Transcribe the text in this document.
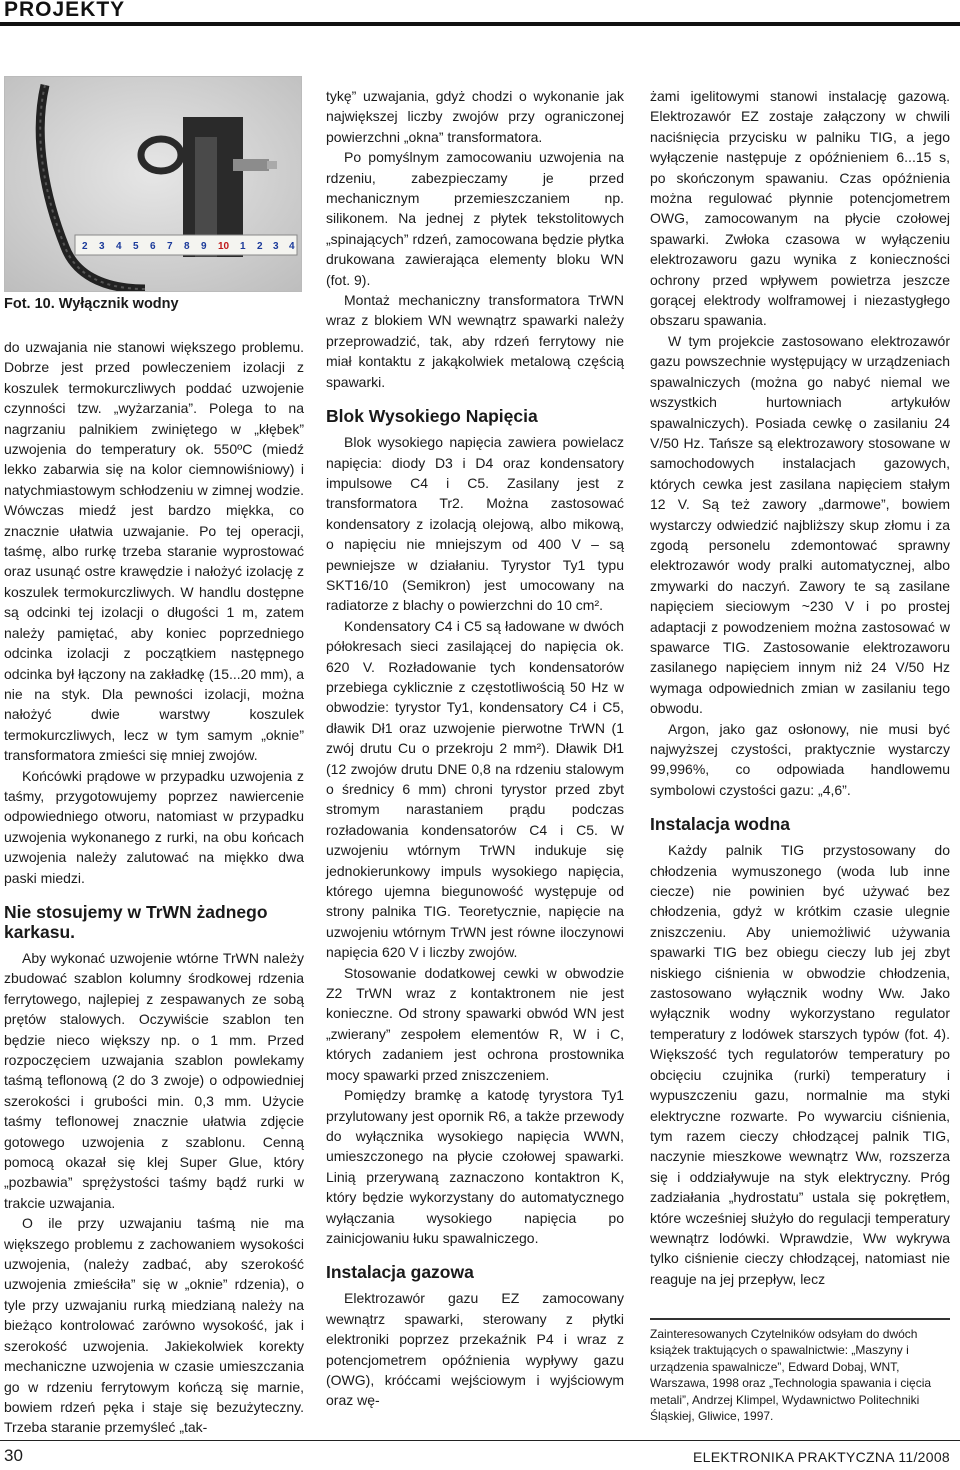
PROJEKTY
2 3 4 5 6 7 8 9 10 1 2 3 4
Fot. 10. Wyłącznik wodny

do uzwajania nie stanowi większego problemu. Dobrze jest przed powleczeniem izolacji z koszulek termokurczliwych poddać uzwojenie czynności tzw. „wyżarzania”. Polega to na nagrzaniu palnikiem zwiniętego w „kłębek” uzwojenia do temperatury ok. 550ºC (miedź lekko zabarwia się na kolor ciemnowiśniowy) i natychmiastowym schłodzeniu w zimnej wodzie. Wówczas miedź jest bardzo miękka, co znacznie ułatwia uzwajanie. Po tej operacji, taśmę, albo rurkę trzeba staranie wyprostować oraz usunąć ostre krawędzie i nałożyć izolację z koszulek termokurczliwych. W handlu dostępne są odcinki tej izolacji o długości 1 m, zatem należy pamiętać, aby koniec poprzedniego odcinka izolacji z początkiem następnego odcinka był łączony na zakładkę (15...20 mm), a nie na styk. Dla pewności izolacji, można nałożyć dwie warstwy koszulek termokurczliwych, lecz w tym samym „oknie” transformatora zmieści się mniej zwojów.

Końcówki prądowe w przypadku uzwojenia z taśmy, przygotowujemy poprzez nawiercenie odpowiedniego otworu, natomiast w przypadku uzwojenia wykonanego z rurki, na obu końcach uzwojenia należy zalutować na miękko dwa paski miedzi.

Nie stosujemy w TrWN żadnego karkasu.

Aby wykonać uzwojenie wtórne TrWN należy zbudować szablon kolumny środkowej rdzenia ferrytowego, najlepiej z zespawanych ze sobą prętów stalowych. Oczywiście szablon ten będzie nieco większy np. o 1 mm. Przed rozpoczęciem uzwajania szablon powlekamy taśmą teflonową (2 do 3 zwoje) o odpowiedniej szerokości i grubości min. 0,3 mm. Użycie taśmy teflonowej znacznie ułatwia zdjęcie gotowego uzwojenia z szablonu. Cenną pomocą okazał się klej Super Glue, który „pozbawia” sprężystości taśmy bądź rurki w trakcie uzwajania.

O ile przy uzwajaniu taśmą nie ma większego problemu z zachowaniem wysokości uzwojenia, (należy zadbać, aby szerokość uzwojenia zmieściła” się w „oknie” rdzenia), o tyle przy uzwajaniu rurką miedzianą należy na bieżąco kontrolować zarówno wysokość, jak i szerokość uzwojenia. Jakiekolwiek korekty mechaniczne uzwojenia w czasie umieszczania go w rdzeniu ferrytowym kończą się marnie, bowiem rdzeń pęka i staje się bezużyteczny. Trzeba staranie przemyśleć „tak-

tykę” uzwajania, gdyż chodzi o wykonanie jak największej liczby zwojów przy ograniczonej powierzchni „okna” transformatora.

Po pomyślnym zamocowaniu uzwojenia na rdzeniu, zabezpieczamy je przed mechanicznym przemieszczaniem np. silikonem. Na jednej z płytek tekstolitowych „spinających” rdzeń, zamocowana będzie płytka drukowana zawierająca elementy bloku WN (fot. 9).

Montaż mechaniczny transformatora TrWN wraz z blokiem WN wewnątrz spawarki należy przeprowadzić, tak, aby rdzeń ferrytowy nie miał kontaktu z jakąkolwiek metalową częścią spawarki.

Blok Wysokiego Napięcia

Blok wysokiego napięcia zawiera powielacz napięcia: diody D3 i D4 oraz kondensatory impulsowe C4 i C5. Zasilany jest z transformatora Tr2. Można zastosować kondensatory z izolacją olejową, albo mikową, o napięciu nie mniejszym od 400 V – są pewniejsze w działaniu. Tyrystor Ty1 typu SKT16/10 (Semikron) jest umocowany na radiatorze z blachy o powierzchni do 10 cm².

Kondensatory C4 i C5 są ładowane w dwóch półokresach sieci zasilającej do napięcia ok. 620 V. Rozładowanie tych kondensatorów przebiega cyklicznie z częstotliwością 50 Hz w obwodzie: tyrystor Ty1, kondensatory C4 i C5, dławik Dł1 oraz uzwojenie pierwotne TrWN (1 zwój drutu Cu o przekroju 2 mm²). Dławik Dł1 (12 zwojów drutu DNE 0,8 na rdzeniu stalowym o średnicy 6 mm) chroni tyrystor przed zbyt stromym narastaniem prądu podczas rozładowania kondensatorów C4 i C5. W uzwojeniu wtórnym TrWN indukuje się jednokierunkowy impuls wysokiego napięcia, którego ujemna biegunowość występuje od strony palnika TIG. Teoretycznie, napięcie na uzwojeniu wtórnym TrWN jest równe iloczynowi napięcia 620 V i liczby zwojów.

Stosowanie dodatkowej cewki w obwodzie Z2 TrWN wraz z kontaktronem nie jest konieczne. Od strony spawarki obwód WN jest „zwierany” zespołem elementów R, W i C, których zadaniem jest ochrona prostownika mocy spawarki przed zniszczeniem.

Pomiędzy bramkę a katodę tyrystora Ty1 przylutowany jest opornik R6, a także przewody do wyłącznika wysokiego napięcia WWN, umieszczonego na płycie czołowej spawarki. Linią przerywaną zaznaczono kontaktron K, który będzie wykorzystany do automatycznego wyłączania wysokiego napięcia po zainicjowaniu łuku spawalniczego.

Instalacja gazowa

Elektrozawór gazu EZ zamocowany wewnątrz spawarki, sterowany z płytki elektroniki poprzez przekaźnik P4 i wraz z potencjometrem opóźnienia wypływy gazu (OWG), króćcami wejściowym i wyjściowym oraz wę-

żami igelitowymi stanowi instalację gazową. Elektrozawór EZ zostaje załączony w chwili naciśnięcia przycisku w palniku TIG, a jego wyłączenie następuje z opóźnieniem 6...15 s, po skończonym spawaniu. Czas opóźnienia można regulować płynnie potencjometrem OWG, zamocowanym na płycie czołowej spawarki. Zwłoka czasowa w wyłączeniu elektrozaworu gazu wynika z konieczności ochrony przed wpływem powietrza jeszcze gorącej elektrody wolframowej i niezastygłego obszaru spawania.

W tym projekcie zastosowano elektrozawór gazu powszechnie występujący w urządzeniach spawalniczych (można go nabyć niemal we wszystkich hurtowniach artykułów spawalniczych). Posiada cewkę o zasilaniu 24 V/50 Hz. Tańsze są elektrozawory stosowane w samochodowych instalacjach gazowych, których cewka jest zasilana napięciem stałym 12 V. Są też zawory „darmowe”, bowiem wystarczy odwiedzić najbliższy skup złomu i za zgodą personelu zdemontować sprawny elektrozawór wody pralki automatycznej, albo zmywarki do naczyń. Zawory te są zasilane napięciem sieciowym ~230 V i po prostej adaptacji z powodzeniem można zastosować w spawarce TIG. Zastosowanie elektrozaworu zasilanego napięciem innym niż 24 V/50 Hz wymaga odpowiednich zmian w zasilaniu tego obwodu.

Argon, jako gaz osłonowy, nie musi być najwyższej czystości, praktycznie wystarczy 99,996%, co odpowiada handlowemu symbolowi czystości gazu: „4,6”.

Instalacja wodna

Każdy palnik TIG przystosowany do chłodzenia wymuszonego (woda lub inne ciecze) nie powinien być używać bez chłodzenia, gdyż w krótkim czasie ulegnie zniszczeniu. Aby uniemożliwić używania spawarki TIG bez obiegu cieczy lub jej zbyt niskiego ciśnienia w obwodzie chłodzenia, zastosowano wyłącznik wodny Ww. Jako wyłącznik wodny wykorzystano regulator temperatury z lodówek starszych typów (fot. 4). Większość tych regulatorów temperatury po obcięciu czujnika (rurki) temperatury i wypuszczeniu gazu, normalnie ma styki elektryczne rozwarte. Po wywarciu ciśnienia, tym razem cieczy chłodzącej palnik TIG, naczynie mieszkowe wewnątrz Ww, rozszerza się i oddziaływuje na styk elektryczny. Próg zadziałania „hydrostatu” ustala się pokrętłem, które wcześniej służyło do regulacji temperatury wewnątrz lodówki. Wprawdzie, Ww wykrywa tylko ciśnienie cieczy chłodzącej, natomiast nie reaguje na jej przepływ, lecz

Zainteresowanych Czytelników odsyłam do dwóch książek traktujących o spawalnictwie: „Maszyny i urządzenia spawalnicze”, Edward Dobaj, WNT, Warszawa, 1998 oraz „Technologia spawania i cięcia metali”, Andrzej Klimpel, Wydawnictwo Politechniki Śląskiej, Gliwice, 1997.
30	ELEKTRONIKA PRAKTYCZNA 11/2008
